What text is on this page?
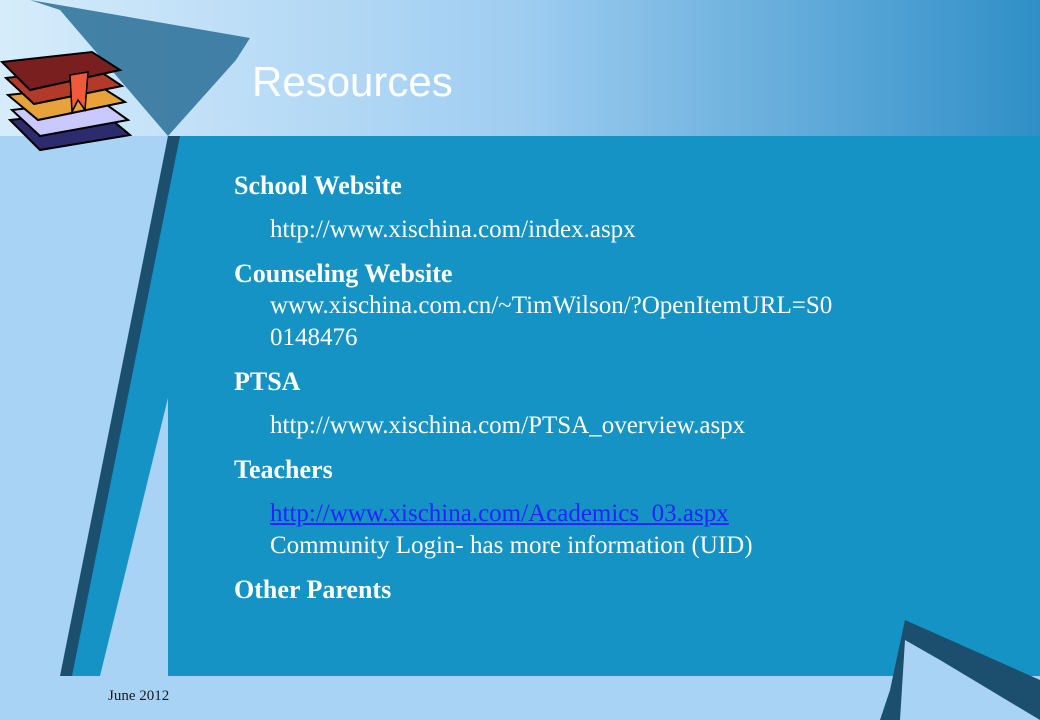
Resources

School Website

http://www.xischina.com/index.aspx

Counseling Website

www.xischina.com.cn/~TimWilson/?OpenItemURL=S0

0148476

PTSA

http://www.xischina.com/PTSA_overview.aspx

Teachers

http://www.xischina.com/Academics_03.aspx

Community Login- has more information (UID)

Other Parents

June 2012
